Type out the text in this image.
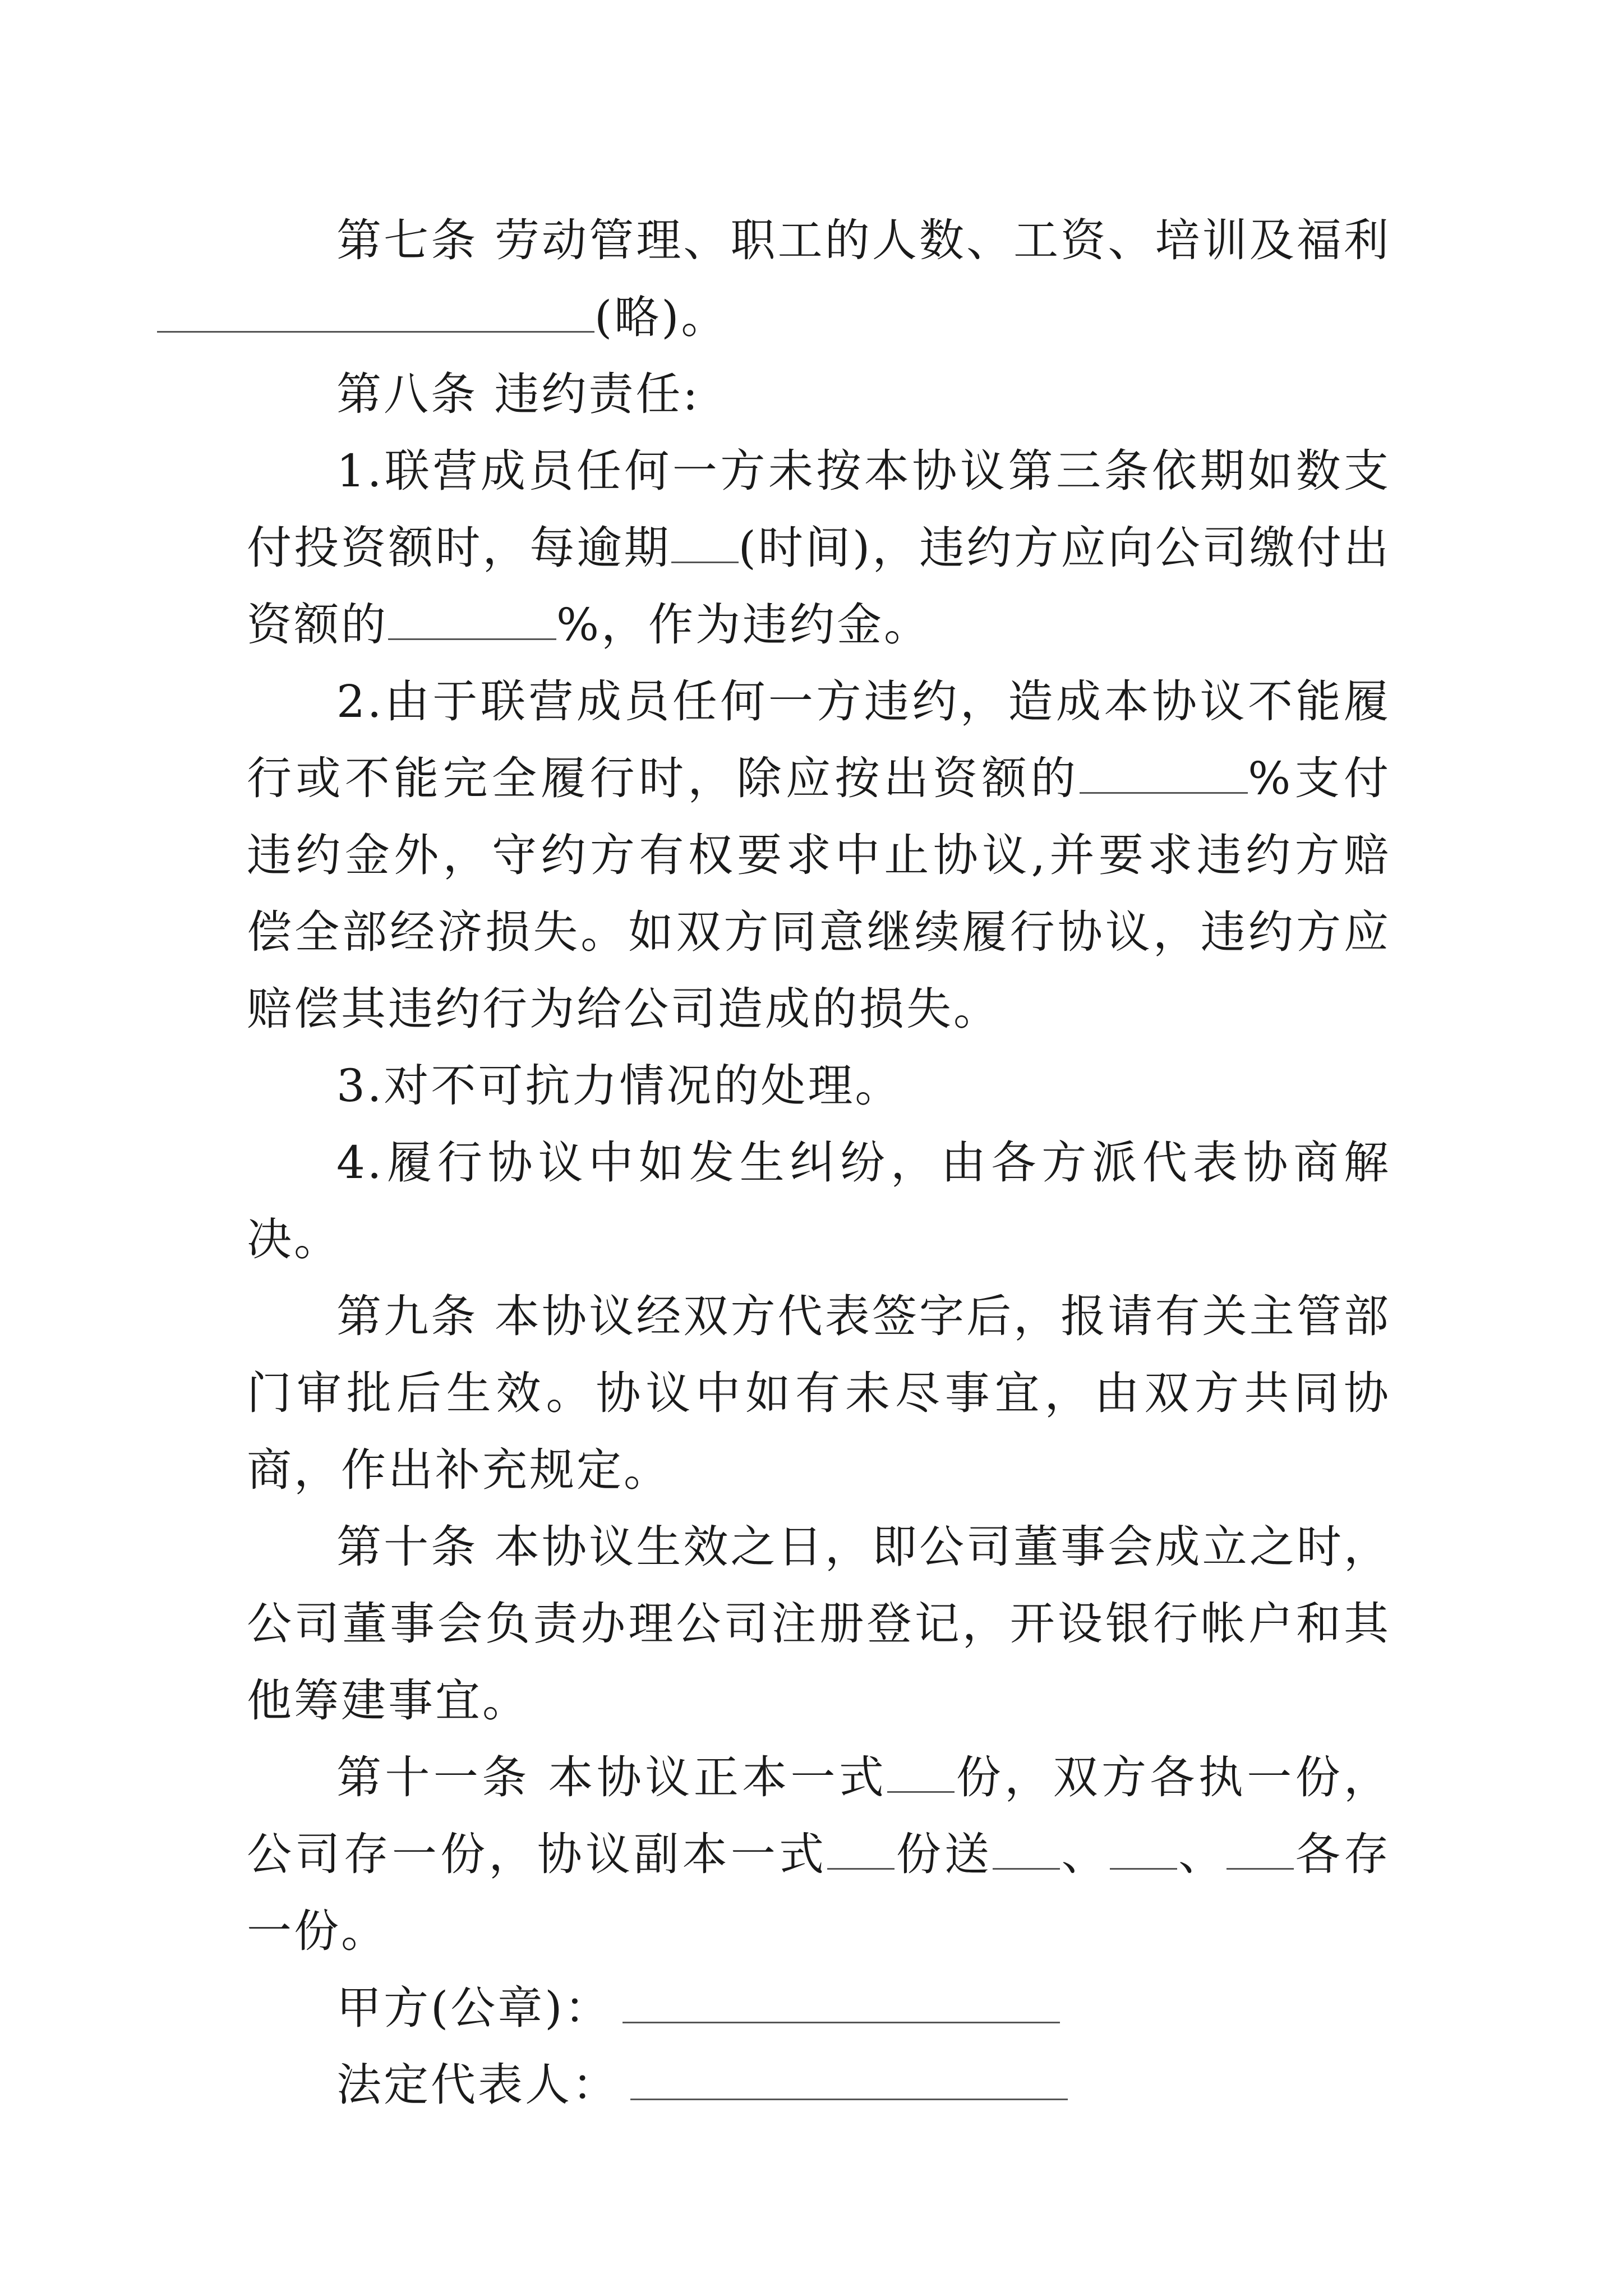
第七条 劳动管理、职工的人数、工资、培训及福利(略)。

第八条 违约责任:

1.联营成员任何一方未按本协议第三条依期如数支付投资额时，每逾期 (时间)，违约方应向公司缴付出资额的	%，作为违约金。

2.由于联营成员任何一方违约，造成本协议不能履行或不能完全履行时，除应按出资额的	%支付违约金外，守约方有权要求中止协议,并要求违约方赔偿全部经济损失。如双方同意继续履行协议，违约方应赔偿其违约行为给公司造成的损失。

3.对不可抗力情况的处理。

4.履行协议中如发生纠纷，由各方派代表协商解决。

第九条 本协议经双方代表签字后，报请有关主管部门审批后生效。协议中如有未尽事宜，由双方共同协商，作出补充规定。

第十条 本协议生效之日，即公司董事会成立之时，公司董事会负责办理公司注册登记，开设银行帐户和其他筹建事宜。

第十一条 本协议正本一式 份，双方各执一份，公司存一份，协议副本一式 份送 、 、 各存一份。

甲方(公章)：

法定代表人：
